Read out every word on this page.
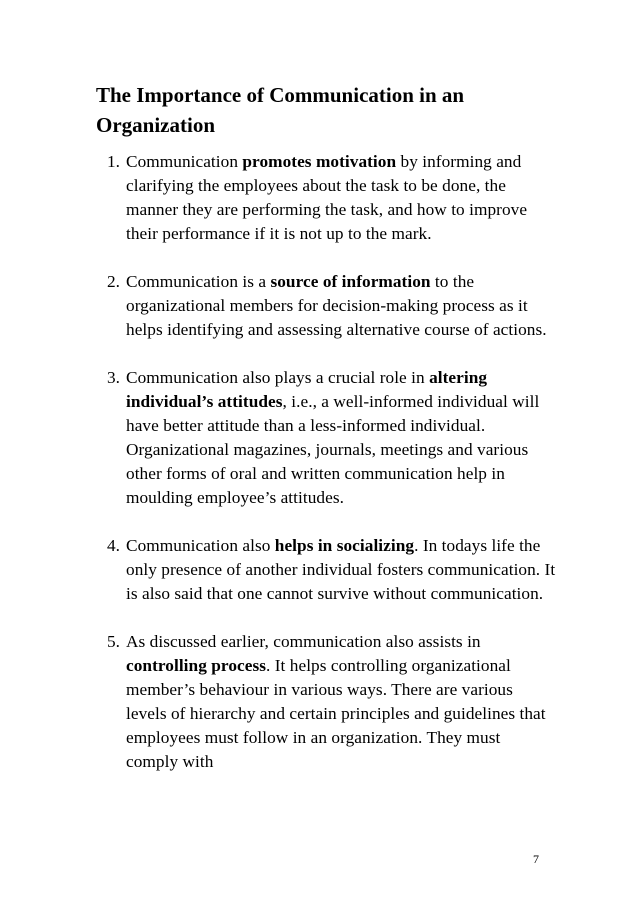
The Importance of Communication in an Organization
1. Communication promotes motivation by informing and clarifying the employees about the task to be done, the manner they are performing the task, and how to improve their performance if it is not up to the mark.
2. Communication is a source of information to the organizational members for decision-making process as it helps identifying and assessing alternative course of actions.
3. Communication also plays a crucial role in altering individual’s attitudes, i.e., a well-informed individual will have better attitude than a less-informed individual. Organizational magazines, journals, meetings and various other forms of oral and written communication help in moulding employee’s attitudes.
4. Communication also helps in socializing. In todays life the only presence of another individual fosters communication. It is also said that one cannot survive without communication.
5. As discussed earlier, communication also assists in controlling process. It helps controlling organizational member’s behaviour in various ways. There are various levels of hierarchy and certain principles and guidelines that employees must follow in an organization. They must comply with
7
